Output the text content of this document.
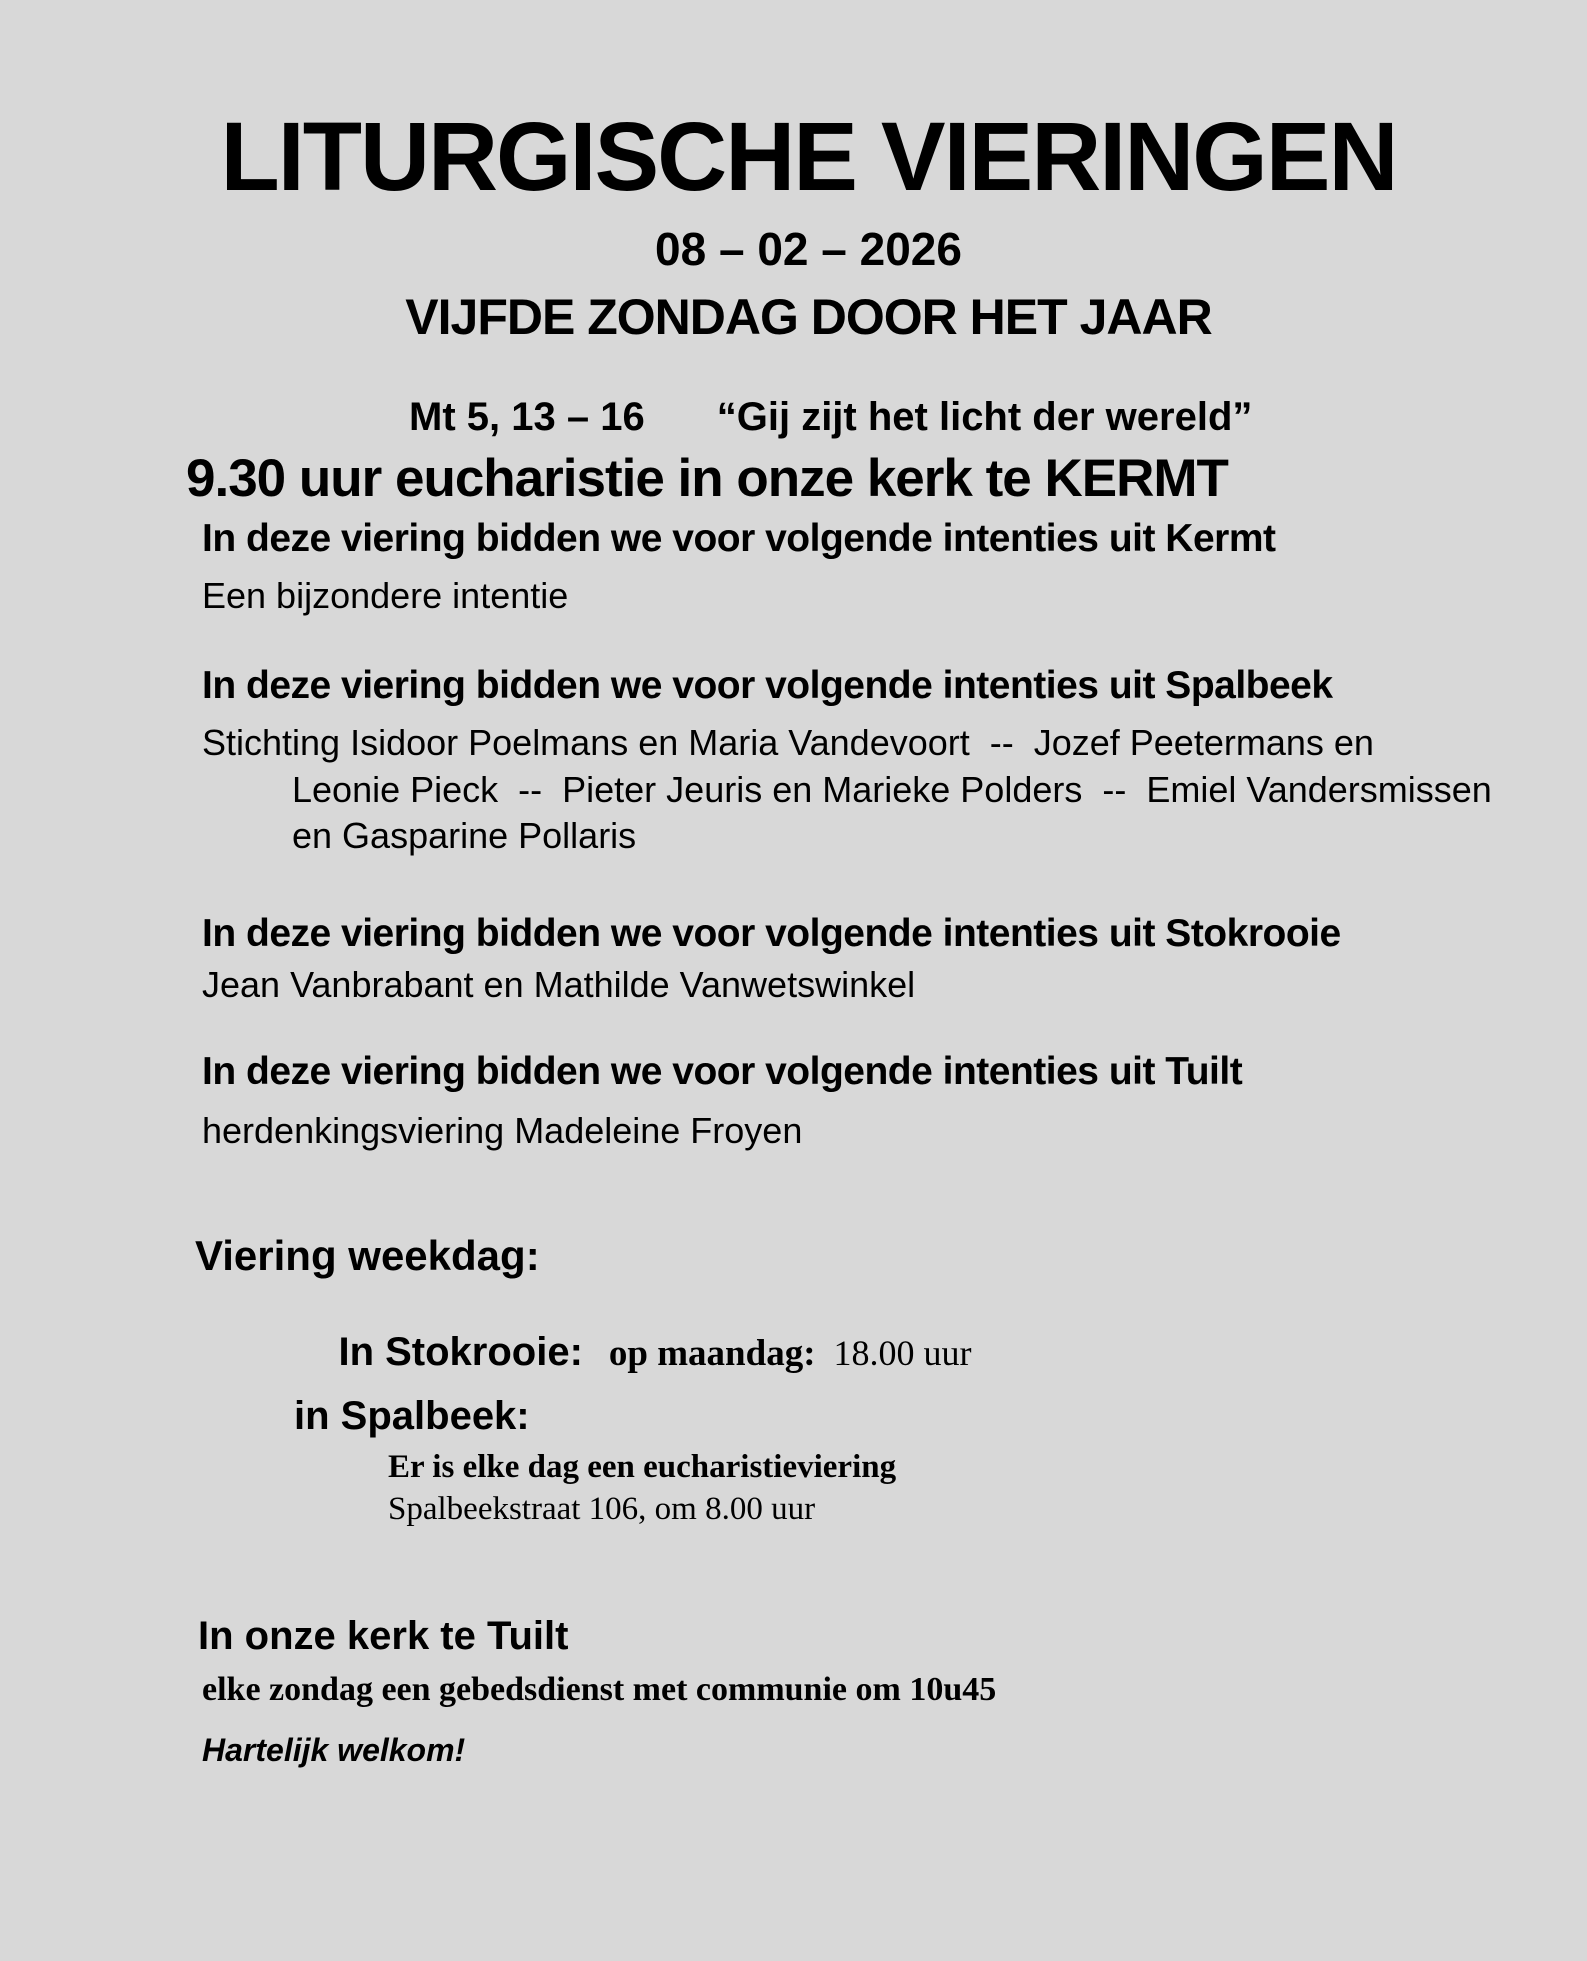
LITURGISCHE VIERINGEN
08 – 02 – 2026
VIJFDE ZONDAG DOOR HET JAAR

Mt 5, 13 – 16 “Gij zijt het licht der wereld”

9.30 uur eucharistie in onze kerk te KERMT
In deze viering bidden we voor volgende intenties uit Kermt
Een bijzondere intentie
In deze viering bidden we voor volgende intenties uit Spalbeek
Stichting Isidoor Poelmans en Maria Vandevoort  --  Jozef Peetermans en
Leonie Pieck  --  Pieter Jeuris en Marieke Polders  --  Emiel Vandersmissen
en Gasparine Pollaris
In deze viering bidden we voor volgende intenties uit Stokrooie
Jean Vanbrabant en Mathilde Vanwetswinkel
In deze viering bidden we voor volgende intenties uit Tuilt
herdenkingsviering Madeleine Froyen
Viering weekdag:

In Stokrooie: op maandag: 18.00 uur

in Spalbeek:
Er is elke dag een eucharistieviering
Spalbeekstraat 106, om 8.00 uur
In onze kerk te Tuilt
elke zondag een gebedsdienst met communie om 10u45
Hartelijk welkom!
